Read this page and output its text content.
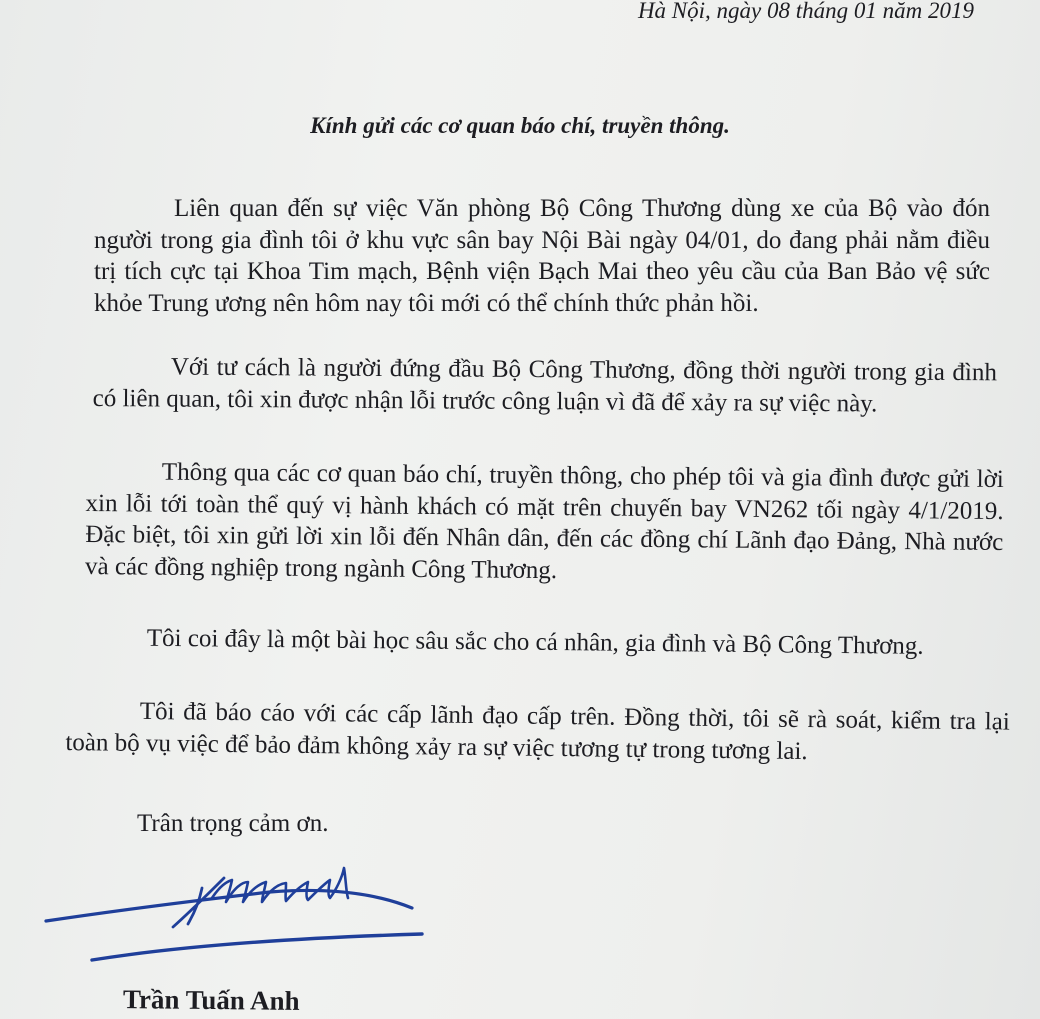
Hà Nội, ngày 08 tháng 01 năm 2019
Kính gửi các cơ quan báo chí, truyền thông.

Liên quan đến sự việc Văn phòng Bộ Công Thương dùng xe của Bộ vào đón người trong gia đình tôi ở khu vực sân bay Nội Bài ngày 04/01, do đang phải nằm điều trị tích cực tại Khoa Tim mạch, Bệnh viện Bạch Mai theo yêu cầu của Ban Bảo vệ sức khỏe Trung ương nên hôm nay tôi mới có thể chính thức phản hồi.

Với tư cách là người đứng đầu Bộ Công Thương, đồng thời người trong gia đình có liên quan, tôi xin được nhận lỗi trước công luận vì đã để xảy ra sự việc này.

Thông qua các cơ quan báo chí, truyền thông, cho phép tôi và gia đình được gửi lời xin lỗi tới toàn thể quý vị hành khách có mặt trên chuyến bay VN262 tối ngày 4/1/2019. Đặc biệt, tôi xin gửi lời xin lỗi đến Nhân dân, đến các đồng chí Lãnh đạo Đảng, Nhà nước và các đồng nghiệp trong ngành Công Thương.

Tôi coi đây là một bài học sâu sắc cho cá nhân, gia đình và Bộ Công Thương.

Tôi đã báo cáo với các cấp lãnh đạo cấp trên. Đồng thời, tôi sẽ rà soát, kiểm tra lại toàn bộ vụ việc để bảo đảm không xảy ra sự việc tương tự trong tương lai.

Trân trọng cảm ơn.
Trần Tuấn Anh
